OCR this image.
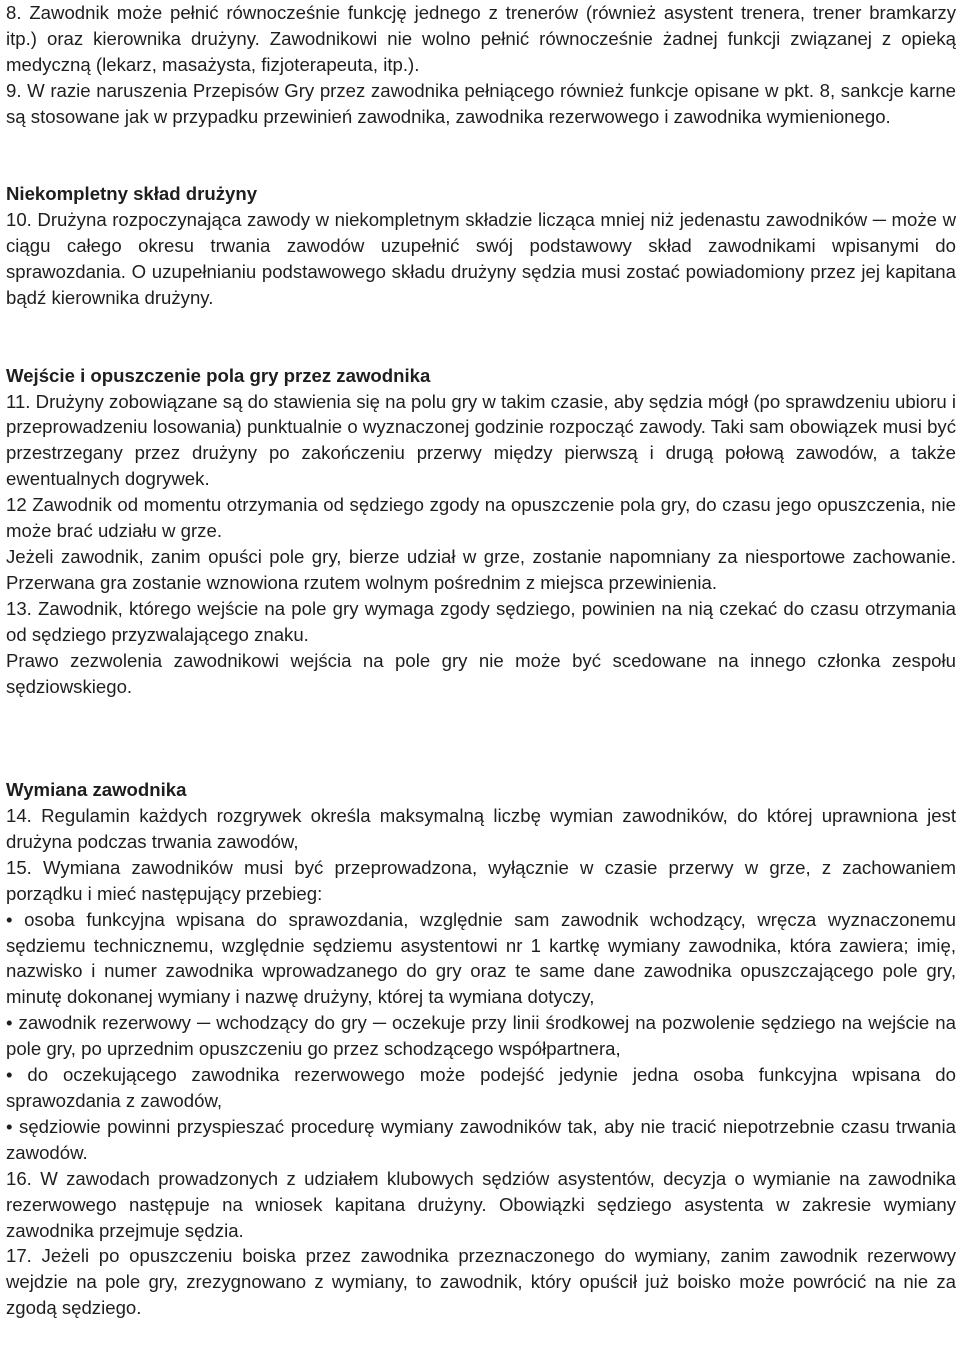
8. Zawodnik może pełnić równocześnie funkcję jednego z trenerów (również asystent trenera, trener bramkarzy itp.) oraz kierownika drużyny. Zawodnikowi nie wolno pełnić równocześnie żadnej funkcji związanej z opieką medyczną (lekarz, masażysta, fizjoterapeuta, itp.).

9. W razie naruszenia Przepisów Gry przez zawodnika pełniącego również funkcje opisane w pkt. 8, sankcje karne są stosowane jak w przypadku przewinień zawodnika, zawodnika rezerwowego i zawodnika wymienionego.

Niekompletny skład drużyny

10. Drużyna rozpoczynająca zawody w niekompletnym składzie licząca mniej niż jedenastu zawodników ─ może w ciągu całego okresu trwania zawodów uzupełnić swój podstawowy skład zawodnikami wpisanymi do sprawozdania. O uzupełnianiu podstawowego składu drużyny sędzia musi zostać powiadomiony przez jej kapitana bądź kierownika drużyny.

Wejście i opuszczenie pola gry przez zawodnika

11. Drużyny zobowiązane są do stawienia się na polu gry w takim czasie, aby sędzia mógł (po sprawdzeniu ubioru i przeprowadzeniu losowania) punktualnie o wyznaczonej godzinie rozpocząć zawody. Taki sam obowiązek musi być przestrzegany przez drużyny po zakończeniu przerwy między pierwszą i drugą połową zawodów, a także ewentualnych dogrywek.

12 Zawodnik od momentu otrzymania od sędziego zgody na opuszczenie pola gry, do czasu jego opuszczenia, nie może brać udziału w grze.

Jeżeli zawodnik, zanim opuści pole gry, bierze udział w grze, zostanie napomniany za niesportowe zachowanie. Przerwana gra zostanie wznowiona rzutem wolnym pośrednim z miejsca przewinienia.

13. Zawodnik, którego wejście na pole gry wymaga zgody sędziego, powinien na nią czekać do czasu otrzymania od sędziego przyzwalającego znaku.

Prawo zezwolenia zawodnikowi wejścia na pole gry nie może być scedowane na innego członka zespołu sędziowskiego.

Wymiana zawodnika

14. Regulamin każdych rozgrywek określa maksymalną liczbę wymian zawodników, do której uprawniona jest drużyna podczas trwania zawodów,

15. Wymiana zawodników musi być przeprowadzona, wyłącznie w czasie przerwy w grze, z zachowaniem porządku i mieć następujący przebieg:

• osoba funkcyjna wpisana do sprawozdania, względnie sam zawodnik wchodzący, wręcza wyznaczonemu sędziemu technicznemu, względnie sędziemu asystentowi nr 1 kartkę wymiany zawodnika, która zawiera; imię, nazwisko i numer zawodnika wprowadzanego do gry oraz te same dane zawodnika opuszczającego pole gry, minutę dokonanej wymiany i nazwę drużyny, której ta wymiana dotyczy,

• zawodnik rezerwowy ─ wchodzący do gry ─ oczekuje przy linii środkowej na pozwolenie sędziego na wejście na pole gry, po uprzednim opuszczeniu go przez schodzącego współpartnera,

• do oczekującego zawodnika rezerwowego może podejść jedynie jedna osoba funkcyjna wpisana do sprawozdania z zawodów,

• sędziowie powinni przyspieszać procedurę wymiany zawodników tak, aby nie tracić niepotrzebnie czasu trwania zawodów.

16. W zawodach prowadzonych z udziałem klubowych sędziów asystentów, decyzja o wymianie na zawodnika rezerwowego następuje na wniosek kapitana drużyny. Obowiązki sędziego asystenta w zakresie wymiany zawodnika przejmuje sędzia.

17. Jeżeli po opuszczeniu boiska przez zawodnika przeznaczonego do wymiany, zanim zawodnik rezerwowy wejdzie na pole gry, zrezygnowano z wymiany, to zawodnik, który opuścił już boisko może powrócić na nie za zgodą sędziego.
